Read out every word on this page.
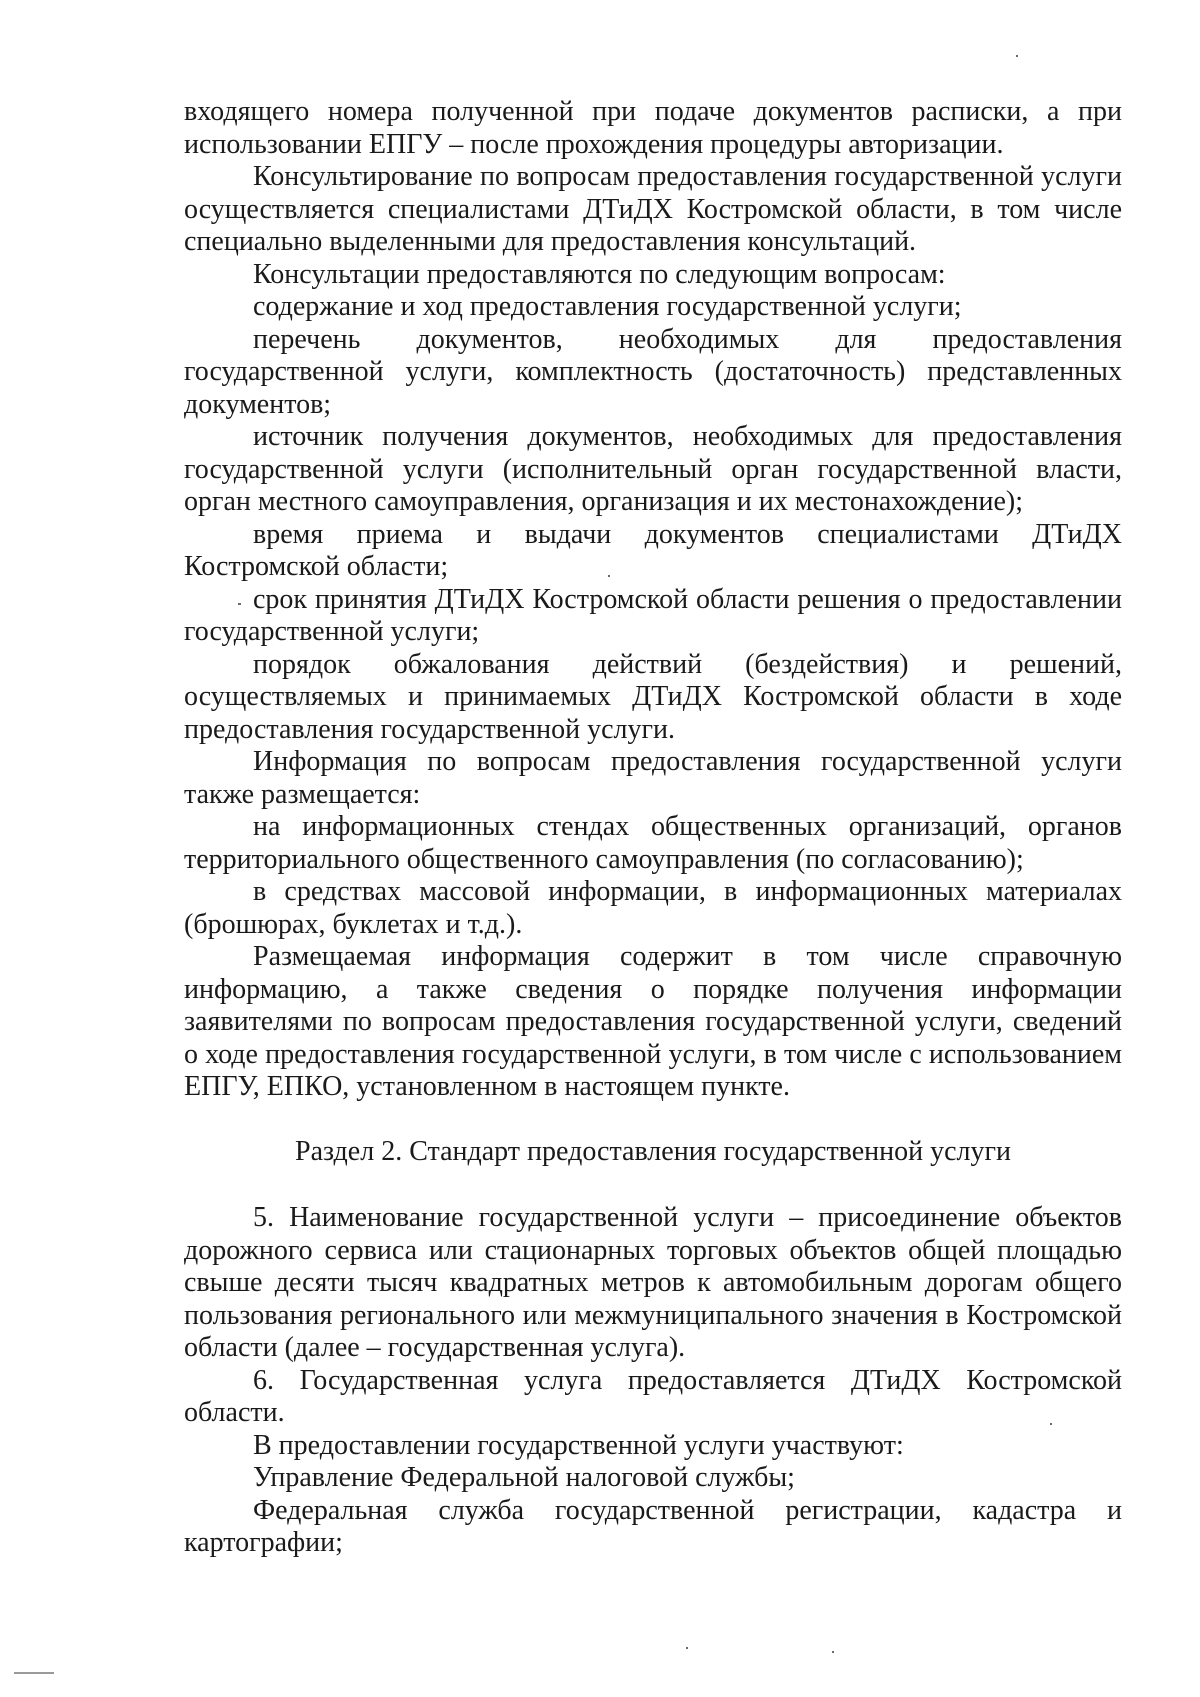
входящего номера полученной при подаче документов расписки, а при использовании ЕПГУ – после прохождения процедуры авторизации.

Консультирование по вопросам предоставления государственной услуги осуществляется специалистами ДТиДХ Костромской области, в том числе специально выделенными для предоставления консультаций.

Консультации предоставляются по следующим вопросам:

содержание и ход предоставления государственной услуги;

перечень документов, необходимых для предоставления государственной услуги, комплектность (достаточность) представленных документов;

источник получения документов, необходимых для предоставления государственной услуги (исполнительный орган государственной власти, орган местного самоуправления, организация и их местонахождение);

время приема и выдачи документов специалистами ДТиДХ Костромской области;

срок принятия ДТиДХ Костромской области решения о предоставлении государственной услуги;

порядок обжалования действий (бездействия) и решений, осуществляемых и принимаемых ДТиДХ Костромской области в ходе предоставления государственной услуги.

Информация по вопросам предоставления государственной услуги также размещается:

на информационных стендах общественных организаций, органов территориального общественного самоуправления (по согласованию);

в средствах массовой информации, в информационных материалах (брошюрах, буклетах и т.д.).

Размещаемая информация содержит в том числе справочную информацию, а также сведения о порядке получения информации заявителями по вопросам предоставления государственной услуги, сведений о ходе предоставления государственной услуги, в том числе с использованием ЕПГУ, ЕПКО, установленном в настоящем пункте.

Раздел 2. Стандарт предоставления государственной услуги

5. Наименование государственной услуги – присоединение объектов дорожного сервиса или стационарных торговых объектов общей площадью свыше десяти тысяч квадратных метров к автомобильным дорогам общего пользования регионального или межмуниципального значения в Костромской области (далее – государственная услуга).

6. Государственная услуга предоставляется ДТиДХ Костромской области.

В предоставлении государственной услуги участвуют:

Управление Федеральной налоговой службы;

Федеральная служба государственной регистрации, кадастра и картографии;
